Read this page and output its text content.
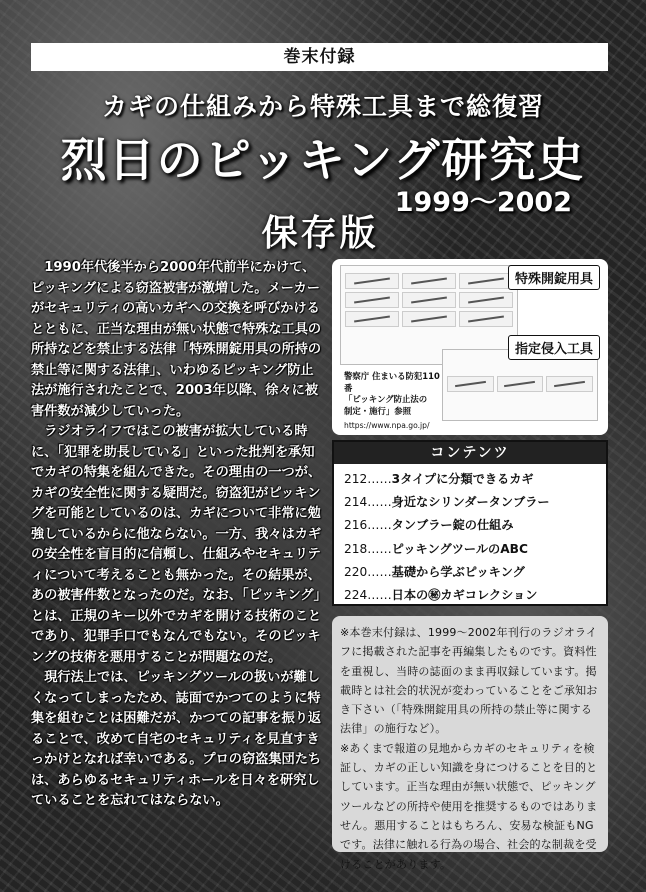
巻末付録
カギの仕組みから特殊工具まで総復習
烈日のピッキング研究史
1999～2002
保存版

1990年代後半から2000年代前半にかけて、ピッキングによる窃盗被害が激増した。メーカーがセキュリティの高いカギへの交換を呼びかけるとともに、正当な理由が無い状態で特殊な工具の所持などを禁止する法律「特殊開錠用具の所持の禁止等に関する法律」、いわゆるピッキング防止法が施行されたことで、2003年以降、徐々に被害件数が減少していった。

ラジオライフではこの被害が拡大している時に、「犯罪を助長している」といった批判を承知でカギの特集を組んできた。その理由の一つが、カギの安全性に関する疑問だ。窃盗犯がピッキングを可能としているのは、カギについて非常に勉強しているからに他ならない。一方、我々はカギの安全性を盲目的に信頼し、仕組みやセキュリティについて考えることも無かった。その結果が、あの被害件数となったのだ。なお、「ピッキング」とは、正規のキー以外でカギを開ける技術のことであり、犯罪手口でもなんでもない。そのピッキングの技術を悪用することが問題なのだ。

現行法上では、ピッキングツールの扱いが難しくなってしまったため、誌面でかつてのように特集を組むことは困難だが、かつての記事を振り返ることで、改めて自宅のセキュリティを見直すきっかけとなれば幸いである。プロの窃盗集団たちは、あらゆるセキュリティホールを日々を研究していることを忘れてはならない。

特殊開錠用具
指定侵入工具
警察庁 住まいる防犯110番
「ピッキング防止法の
制定・施行」参照
https://www.npa.go.jp/
コンテンツ
212……3タイプに分類できるカギ
214……身近なシリンダータンブラー
216……タンブラー錠の仕組み
218……ピッキングツールのABC
220……基礎から学ぶピッキング
224……日本の㊙カギコレクション

※本巻末付録は、1999～2002年刊行のラジオライフに掲載された記事を再編集したものです。資料性を重視し、当時の誌面のまま再収録しています。掲載時とは社会的状況が変わっていることをご承知おき下さい（「特殊開錠用具の所持の禁止等に関する法律」の施行など）。

※あくまで報道の見地からカギのセキュリティを検証し、カギの正しい知識を身につけることを目的としています。正当な理由が無い状態で、ピッキングツールなどの所持や使用を推奨するものではありません。悪用することはもちろん、安易な検証もNGです。法律に触れる行為の場合、社会的な制裁を受けることがあります。
